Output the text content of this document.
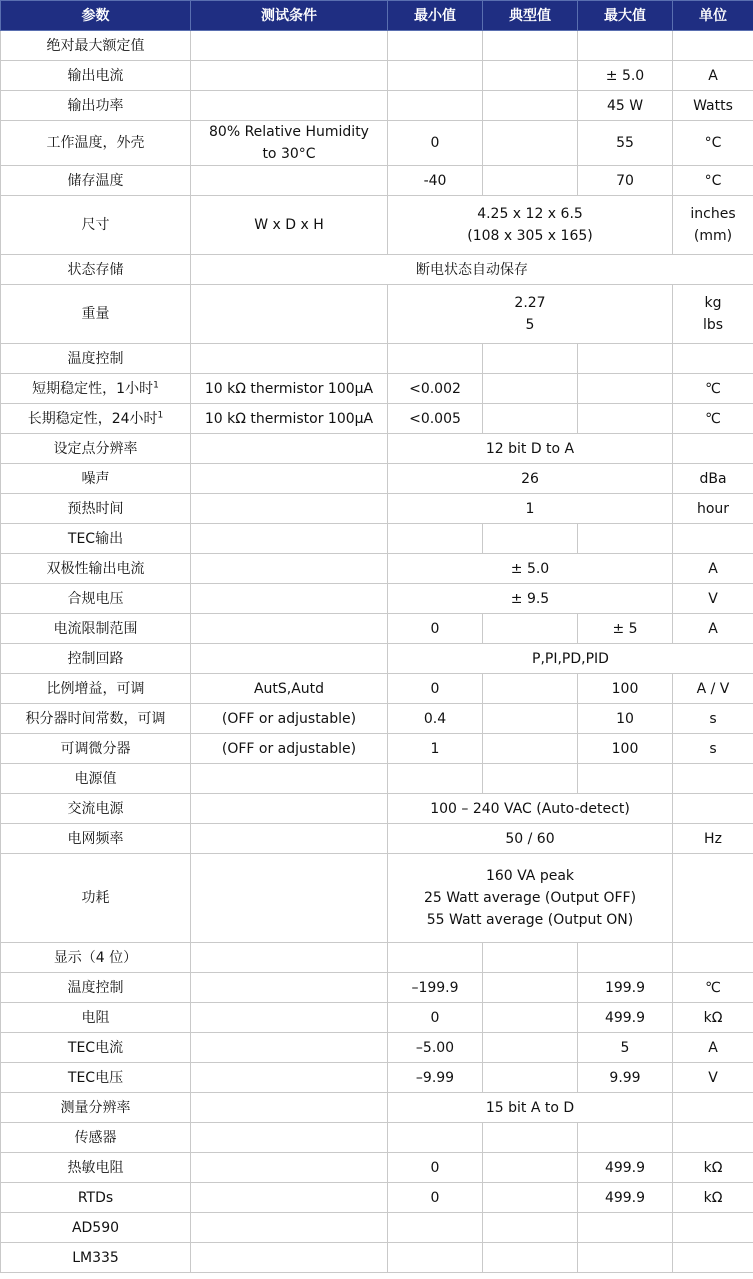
参数	测试条件	最小值	典型值	最大值	单位
绝对最大额定值					
输出电流				± 5.0	A
输出功率				45 W	Watts
工作温度，外壳	80% Relative Humidity
to 30°C	0		55	°C
储存温度		-40		70	°C
尺寸	W x D x H	4.25 x 12 x 6.5
(108 x 305 x 165)			inches
(mm)

状态存储	断电状态自动保存				
重量		2.27
5			kg
lbs

温度控制					
短期稳定性，1小时$^1$	10 kΩ thermistor 100μA	<0.002			℃
长期稳定性，24小时$^1$	10 kΩ thermistor 100μA	<0.005			℃
设定点分辨率		12 bit D to A			
噪声		26			dBa
预热时间		1			hour
TEC输出					
双极性输出电流		± 5.0			A
合规电压		± 9.5			V
电流限制范围		0		± 5	A
控制回路		P,PI,PD,PID			
比例增益，可调	AutS,Autd	0		100	A / V
积分器时间常数，可调	(OFF or adjustable)	0.4		10	s
可调微分器	(OFF or adjustable)	1		100	s
电源值					
交流电源		100 – 240 VAC (Auto-detect)			
电网频率		50 / 60			Hz
功耗		160 VA peak
25 Watt average (Output OFF)
55 Watt average (Output ON)			

显示（4 位）					
温度控制		–199.9		199.9	℃
电阻		0		499.9	kΩ
TEC电流		–5.00		5	A
TEC电压		–9.99		9.99	V
测量分辨率		15 bit A to D			
传感器					
热敏电阻		0		499.9	kΩ
RTDs		0		499.9	kΩ
AD590					
LM335					
